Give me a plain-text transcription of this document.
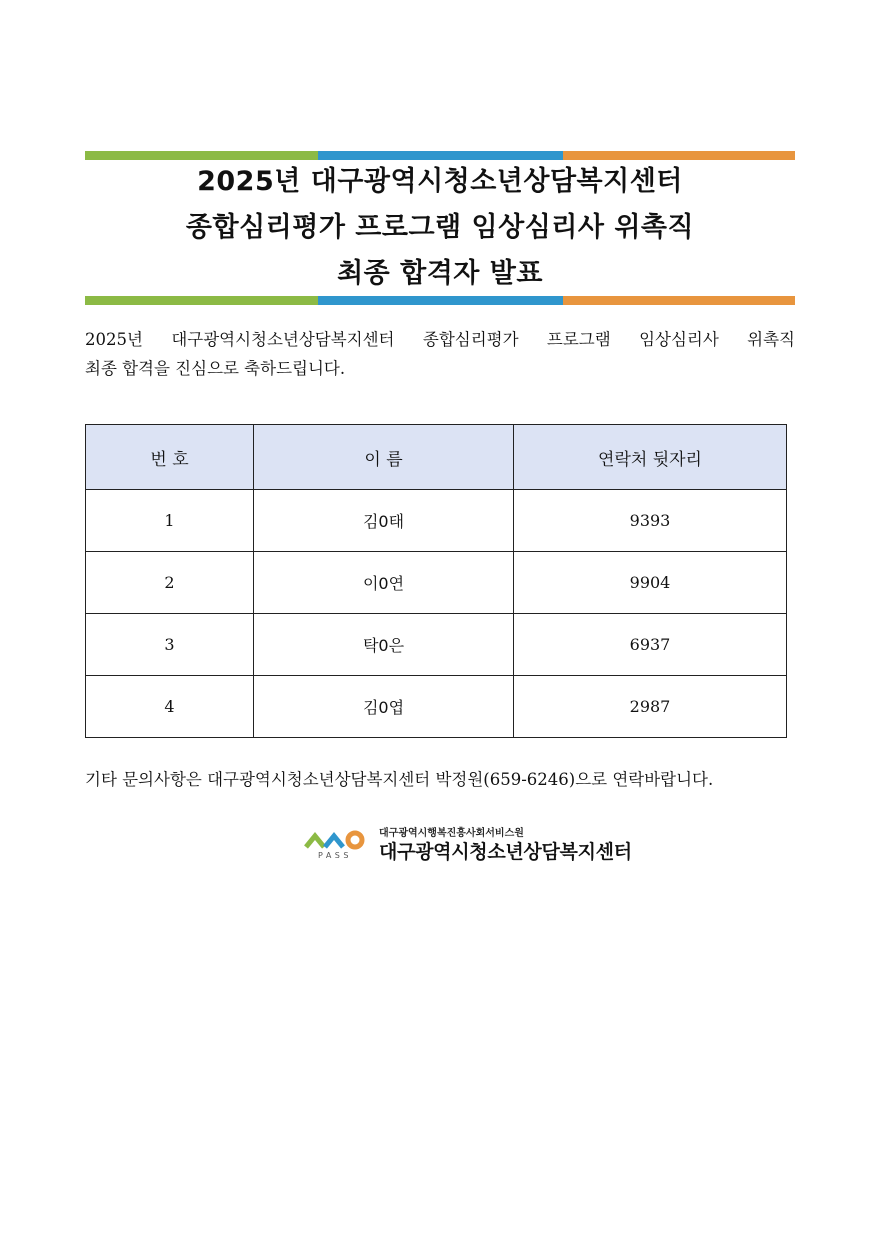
2025년 대구광역시청소년상담복지센터
종합심리평가 프로그램 임상심리사 위촉직
최종 합격자 발표
2025년 대구광역시청소년상담복지센터 종합심리평가 프로그램 임상심리사 위촉직
최종 합격을 진심으로 축하드립니다.
번 호	이 름	연락처 뒷자리
1	김0태	9393
2	이0연	9904
3	탁0은	6937
4	김0엽	2987
기타 문의사항은 대구광역시청소년상담복지센터 박정원(659-6246)으로 연락바랍니다.
PASS
대구광역시행복진흥사회서비스원
대구광역시청소년상담복지센터
